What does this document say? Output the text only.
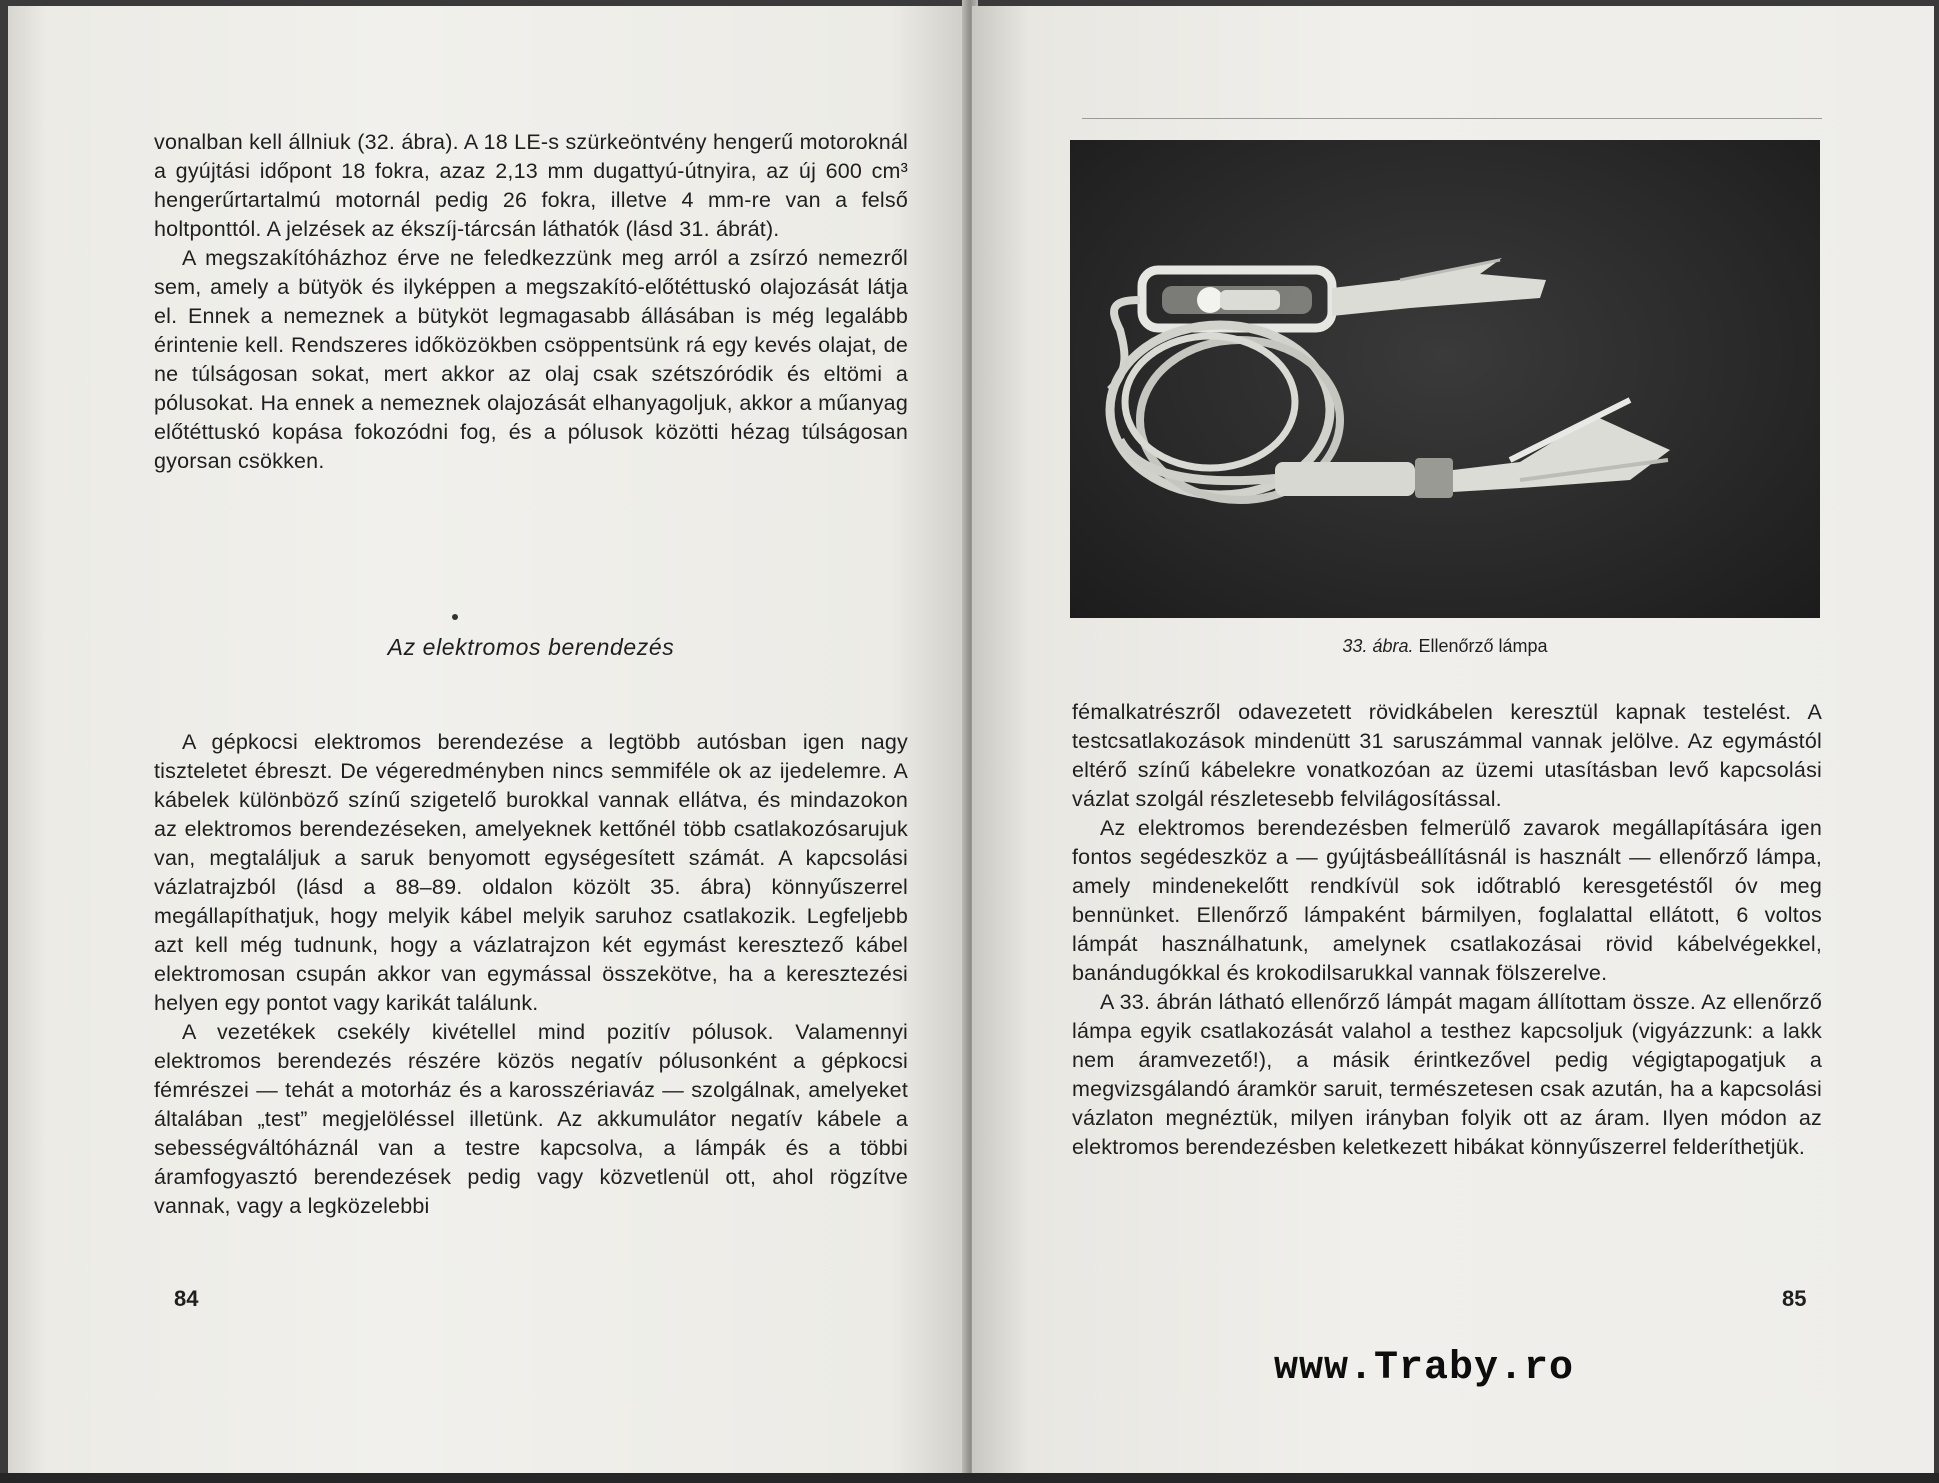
vonalban kell állniuk (32. ábra). A 18 LE-s szürkeöntvény hengerű motoroknál a gyújtási időpont 18 fokra, azaz 2,13 mm dugattyú-útnyira, az új 600 cm³ hengerűrtartalmú motornál pedig 26 fokra, illetve 4 mm-re van a felső holtponttól. A jelzések az ékszíj-tárcsán láthatók (lásd 31. ábrát).

A megszakítóházhoz érve ne feledkezzünk meg arról a zsírzó nemezről sem, amely a bütyök és ilyképpen a megszakító-előtéttuskó olajozását látja el. Ennek a nemeznek a bütyköt legmagasabb állásában is még legalább érintenie kell. Rendszeres időközökben csöppentsünk rá egy kevés olajat, de ne túlságosan sokat, mert akkor az olaj csak szétszóródik és eltömi a pólusokat. Ha ennek a nemeznek olajozását elhanyagoljuk, akkor a műanyag előtéttuskó kopása fokozódni fog, és a pólusok közötti hézag túlságosan gyorsan csökken.

Az elektromos berendezés

A gépkocsi elektromos berendezése a legtöbb autósban igen nagy tiszteletet ébreszt. De végeredményben nincs semmiféle ok az ijedelemre. A kábelek különböző színű szigetelő burokkal vannak ellátva, és mindazokon az elektromos berendezéseken, amelyeknek kettőnél több csatlakozósarujuk van, megtaláljuk a saruk benyomott egységesített számát. A kapcsolási vázlatrajzból (lásd a 88–89. oldalon közölt 35. ábra) könnyűszerrel megállapíthatjuk, hogy melyik kábel melyik saruhoz csatlakozik. Legfeljebb azt kell még tudnunk, hogy a vázlatrajzon két egymást keresztező kábel elektromosan csupán akkor van egymással összekötve, ha a keresztezési helyen egy pontot vagy karikát találunk.

A vezetékek csekély kivétellel mind pozitív pólusok. Valamennyi elektromos berendezés részére közös negatív pólusonként a gépkocsi fémrészei — tehát a motorház és a karosszériaváz — szolgálnak, amelyeket általában „test” megjelöléssel illetünk. Az akkumulátor negatív kábele a sebességváltóháznál van a testre kapcsolva, a lámpák és a többi áramfogyasztó berendezések pedig vagy közvetlenül ott, ahol rögzítve vannak, vagy a legközelebbi

84
33. ábra. Ellenőrző lámpa

fémalkatrészről odavezetett rövidkábelen keresztül kapnak testelést. A testcsatlakozások mindenütt 31 saruszámmal vannak jelölve. Az egymástól eltérő színű kábelekre vonatkozóan az üzemi utasításban levő kapcsolási vázlat szolgál részletesebb felvilágosítással.

Az elektromos berendezésben felmerülő zavarok megállapítására igen fontos segédeszköz a — gyújtásbeállításnál is használt — ellenőrző lámpa, amely mindenekelőtt rendkívül sok időtrabló keresgetéstől óv meg bennünket. Ellenőrző lámpaként bármilyen, foglalattal ellátott, 6 voltos lámpát használhatunk, amelynek csatlakozásai rövid kábelvégekkel, banándugókkal és krokodilsarukkal vannak fölszerelve.

A 33. ábrán látható ellenőrző lámpát magam állítottam össze. Az ellenőrző lámpa egyik csatlakozását valahol a testhez kapcsoljuk (vigyázzunk: a lakk nem áramvezető!), a másik érintkezővel pedig végigtapogatjuk a megvizsgálandó áramkör saruit, természetesen csak azután, ha a kapcsolási vázlaton megnéztük, milyen irányban folyik ott az áram. Ilyen módon az elektromos berendezésben keletkezett hibákat könnyűszerrel felderíthetjük.

85
www.Traby.ro
